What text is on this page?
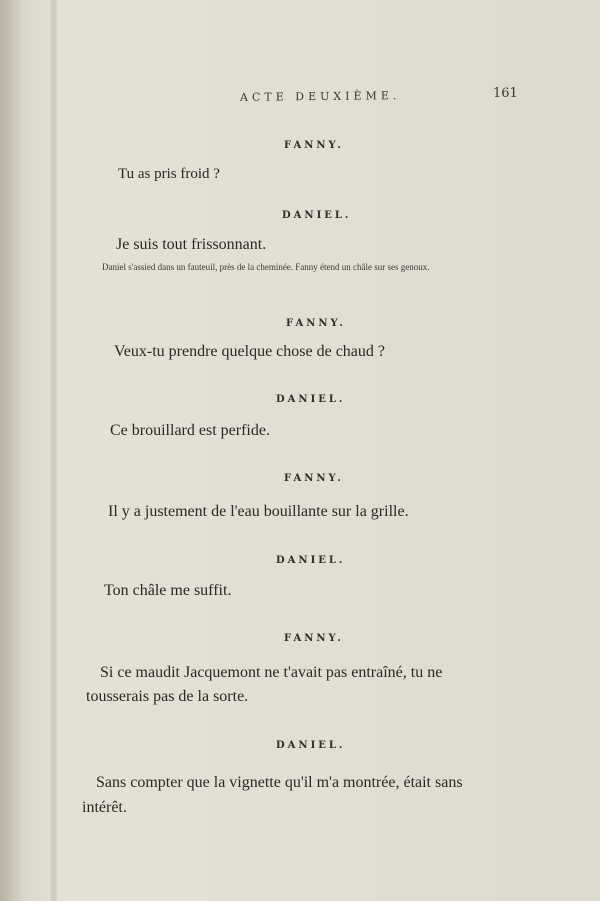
ACTE DEUXIÈME.	161
FANNY.
Tu as pris froid ?
DANIEL.
Je suis tout frissonnant.
Daniel s'assied dans un fauteuil, près de la cheminée. Fanny étend un châle sur ses genoux.
FANNY.
Veux-tu prendre quelque chose de chaud ?
DANIEL.
Ce brouillard est perfide.
FANNY.
Il y a justement de l'eau bouillante sur la grille.
DANIEL.
Ton châle me suffit.
FANNY.
Si ce maudit Jacquemont ne t'avait pas entraîné, tu ne
tousserais pas de la sorte.
DANIEL.
Sans compter que la vignette qu'il m'a montrée, était sans
intérêt.
